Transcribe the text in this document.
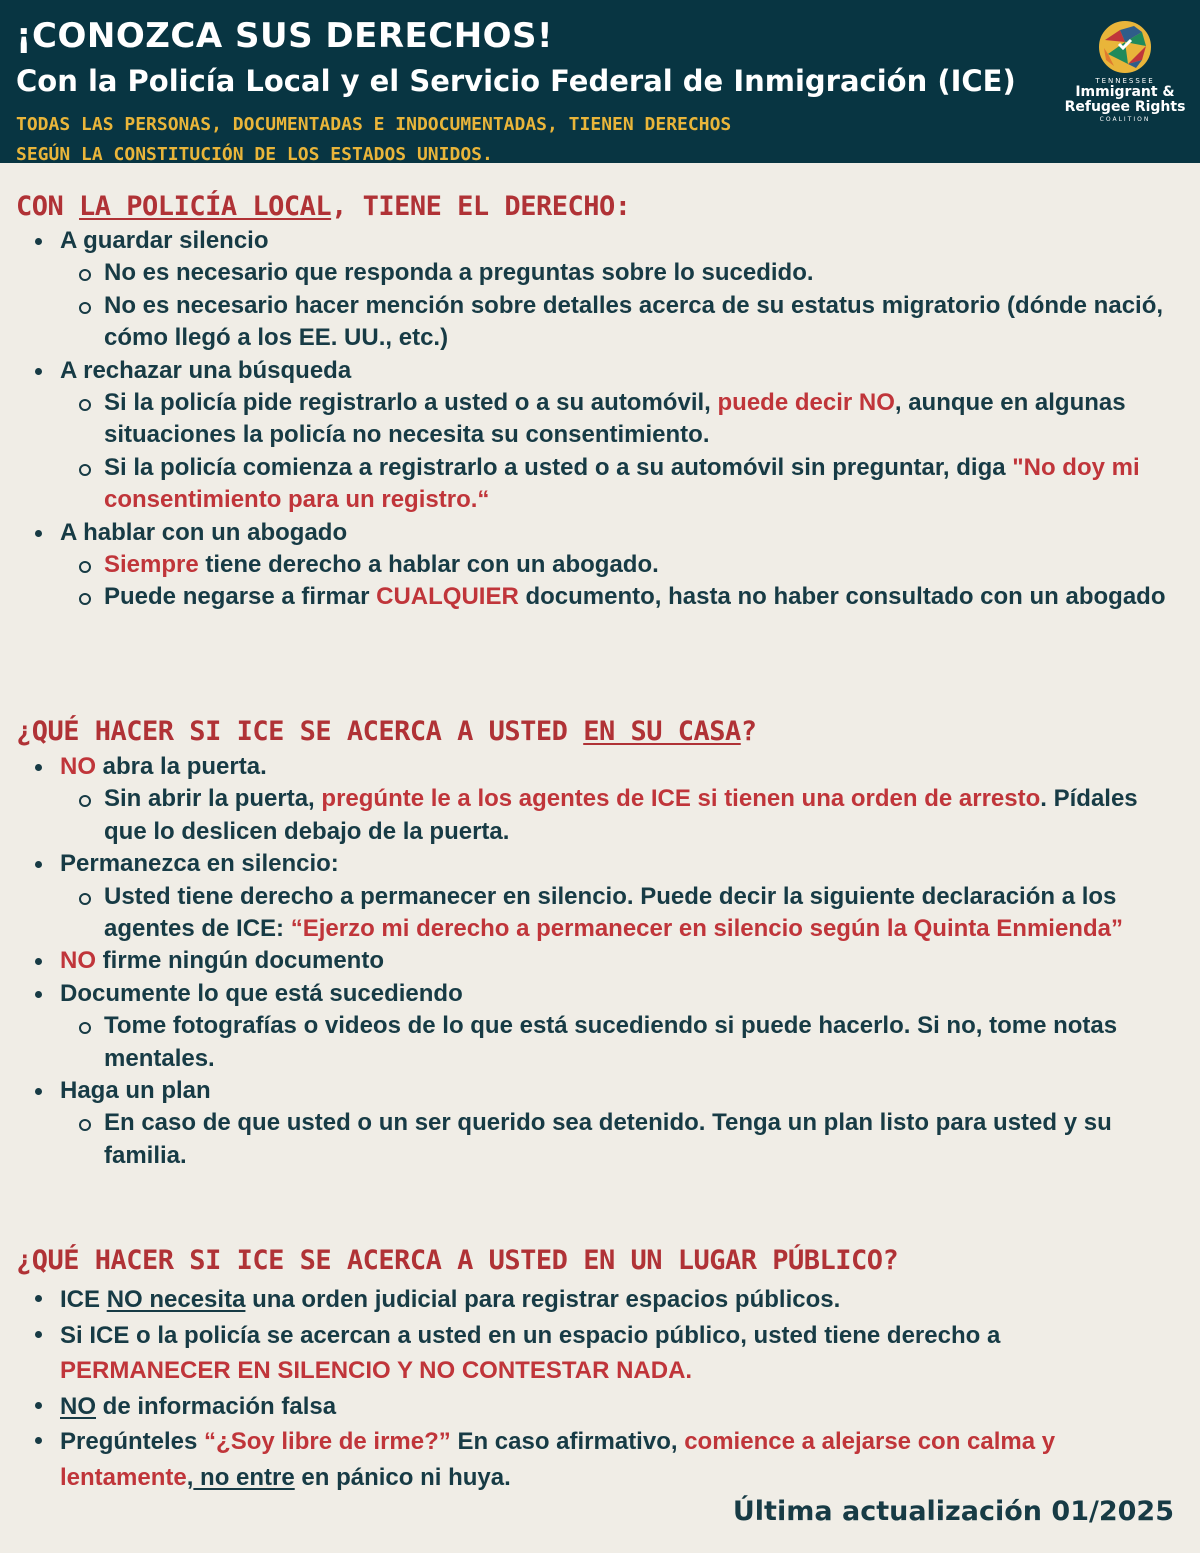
¡CONOZCA SUS DERECHOS!
Con la Policía Local y el Servicio Federal de Inmigración (ICE)
TODAS LAS PERSONAS, DOCUMENTADAS E INDOCUMENTADAS, TIENEN DERECHOS
SEGÚN LA CONSTITUCIÓN DE LOS ESTADOS UNIDOS.
TENNESSEE
Immigrant &
Refugee Rights
COALITION
CON LA POLICÍA LOCAL, TIENE EL DERECHO:
A guardar silencio
No es necesario que responda a preguntas sobre lo sucedido.
No es necesario hacer mención sobre detalles acerca de su estatus migratorio (dónde nació, cómo llegó a los EE. UU., etc.)
A rechazar una búsqueda
Si la policía pide registrarlo a usted o a su automóvil, puede decir NO, aunque en algunas situaciones la policía no necesita su consentimiento.
Si la policía comienza a registrarlo a usted o a su automóvil sin preguntar, diga "No doy mi consentimiento para un registro.“
A hablar con un abogado
Siempre tiene derecho a hablar con un abogado.
Puede negarse a firmar CUALQUIER documento, hasta no haber consultado con un abogado
¿QUÉ HACER SI ICE SE ACERCA A USTED EN SU CASA?
NO abra la puerta.
Sin abrir la puerta, pregúnte le a los agentes de ICE si tienen una orden de arresto. Pídales que lo deslicen debajo de la puerta.
Permanezca en silencio:
Usted tiene derecho a permanecer en silencio. Puede decir la siguiente declaración a los agentes de ICE: “Ejerzo mi derecho a permanecer en silencio según la Quinta Enmienda”
NO firme ningún documento
Documente lo que está sucediendo
Tome fotografías o videos de lo que está sucediendo si puede hacerlo. Si no, tome notas mentales.
Haga un plan
En caso de que usted o un ser querido sea detenido. Tenga un plan listo para usted y su familia.
¿QUÉ HACER SI ICE SE ACERCA A USTED EN UN LUGAR PÚBLICO?
ICE NO necesita una orden judicial para registrar espacios públicos.
Si ICE o la policía se acercan a usted en un espacio público, usted tiene derecho a PERMANECER EN SILENCIO Y NO CONTESTAR NADA.
NO de información falsa
Pregúnteles “¿Soy libre de irme?” En caso afirmativo, comience a alejarse con calma y lentamente, no entre en pánico ni huya.
Última actualización 01/2025
